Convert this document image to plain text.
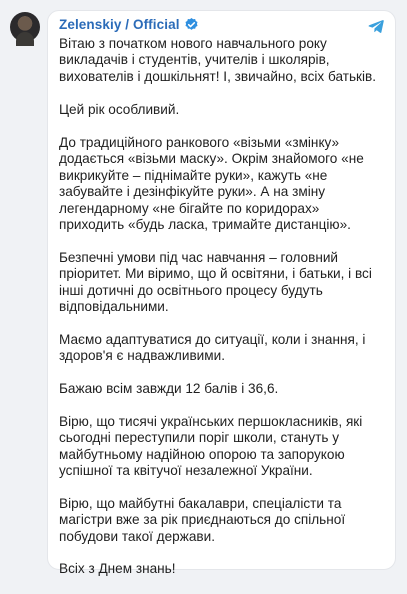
Zelenskiy / Official

Вітаю з початком нового навчального року викладачів і студентів, учителів і школярів, вихователів і дошкільнят! І, звичайно, всіх батьків.

Цей рік особливий.

До традиційного ранкового «візьми «змінку» додається «візьми маску». Окрім знайомого «не викрикуйте – піднімайте руки», кажуть «не забувайте і дезінфікуйте руки». А на зміну легендарному «не бігайте по коридорах» приходить «будь ласка, тримайте дистанцію».

Безпечні умови під час навчання – головний пріоритет. Ми віримо, що й освітяни, і батьки, і всі інші дотичні до освітнього процесу будуть відповідальними.

Маємо адаптуватися до ситуації, коли і знання, і здоров'я є надважливими.

Бажаю всім завжди 12 балів і 36,6.

Вірю, що тисячі українських першокласників, які сьогодні переступили поріг школи, стануть у майбутньому надійною опорою та запорукою успішної та квітучої незалежної України.

Вірю, що майбутні бакалаври, спеціалісти та магістри вже за рік приєднаються до спільної побудови такої держави.

Всіх з Днем знань!
